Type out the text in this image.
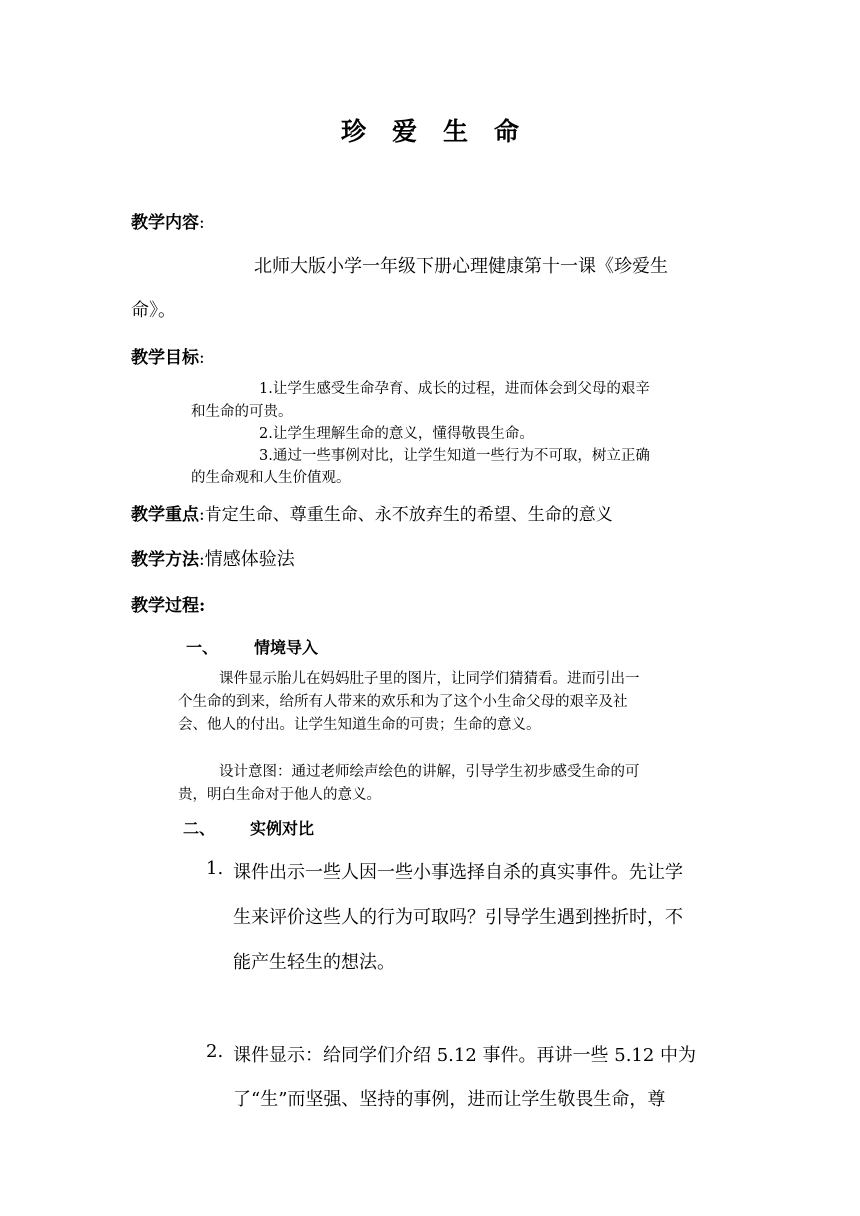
珍爱生命
教学内容:
北师大版小学一年级下册心理健康第十一课《珍爱生
命》。
教学目标:
1.让学生感受生命孕育、成长的过程，进而体会到父母的艰辛
和生命的可贵。
2.让学生理解生命的意义，懂得敬畏生命。
3.通过一些事例对比，让学生知道一些行为不可取，树立正确
的生命观和人生价值观。
教学重点:肯定生命、尊重生命、永不放弃生的希望、生命的意义
教学方法:情感体验法
教学过程:
一、 情境导入
课件显示胎儿在妈妈肚子里的图片，让同学们猜猜看。进而引出一
个生命的到来，给所有人带来的欢乐和为了这个小生命父母的艰辛及社
会、他人的付出。让学生知道生命的可贵；生命的意义。
设计意图：通过老师绘声绘色的讲解，引导学生初步感受生命的可
贵，明白生命对于他人的意义。
二、 实例对比
1. 课件出示一些人因一些小事选择自杀的真实事件。先让学
生来评价这些人的行为可取吗？引导学生遇到挫折时，不
能产生轻生的想法。
2. 课件显示：给同学们介绍 5.12 事件。再讲一些 5.12 中为
了“生”而坚强、坚持的事例，进而让学生敬畏生命，尊
